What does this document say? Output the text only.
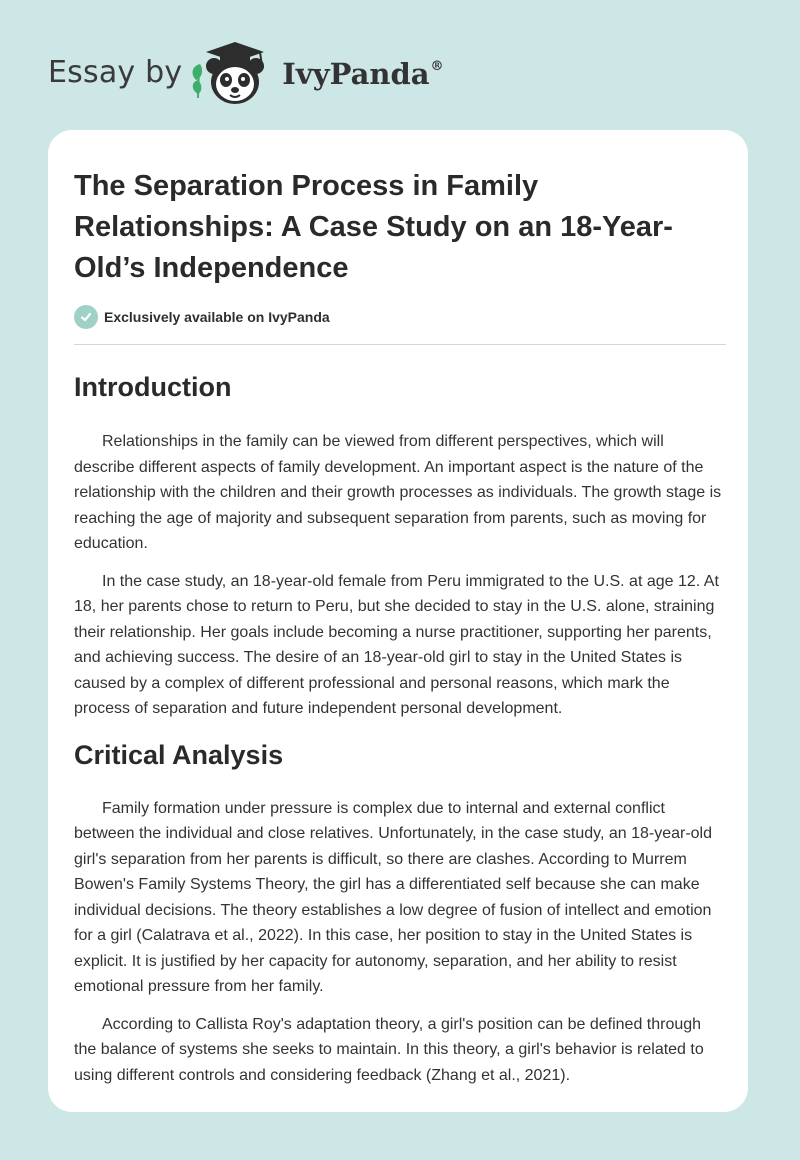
Essay by	IvyPanda®
The Separation Process in Family Relationships: A Case Study on an 18-Year-Old’s Independence
Exclusively available on IvyPanda
Introduction

Relationships in the family can be viewed from different perspectives, which will describe different aspects of family development. An important aspect is the nature of the relationship with the children and their growth processes as individuals. The growth stage is reaching the age of majority and subsequent separation from parents, such as moving for education.

In the case study, an 18-year-old female from Peru immigrated to the U.S. at age 12. At 18, her parents chose to return to Peru, but she decided to stay in the U.S. alone, straining their relationship. Her goals include becoming a nurse practitioner, supporting her parents, and achieving success. The desire of an 18-year-old girl to stay in the United States is caused by a complex of different professional and personal reasons, which mark the process of separation and future independent personal development.

Critical Analysis

Family formation under pressure is complex due to internal and external conflict between the individual and close relatives. Unfortunately, in the case study, an 18-year-old girl's separation from her parents is difficult, so there are clashes. According to Murrem Bowen's Family Systems Theory, the girl has a differentiated self because she can make individual decisions. The theory establishes a low degree of fusion of intellect and emotion for a girl (Calatrava et al., 2022). In this case, her position to stay in the United States is explicit. It is justified by her capacity for autonomy, separation, and her ability to resist emotional pressure from her family.

According to Callista Roy's adaptation theory, a girl's position can be defined through the balance of systems she seeks to maintain. In this theory, a girl's behavior is related to using different controls and considering feedback (Zhang et al., 2021).
